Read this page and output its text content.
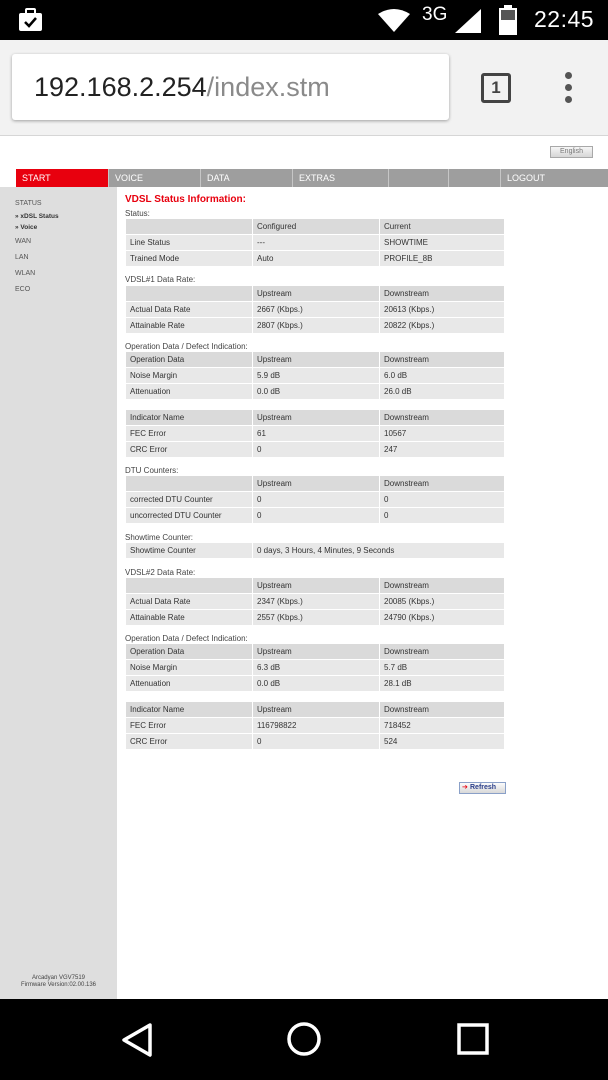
3G	22:45
192.168.2.254/index.stm	1
English
START	VOICE	DATA	EXTRAS	LOGOUT
STATUS
» xDSL Status
» Voice
WAN
LAN
WLAN
ECO
Arcadyan VGV7519
Firmware Version:02.00.136
VDSL Status Information:
Status:
	Configured	Current
Line Status	---	SHOWTIME
Trained Mode	Auto	PROFILE_8B
VDSL#1 Data Rate:
	Upstream	Downstream
Actual Data Rate	2667 (Kbps.)	20613 (Kbps.)
Attainable Rate	2807 (Kbps.)	20822 (Kbps.)
Operation Data / Defect Indication:
Operation Data	Upstream	Downstream
Noise Margin	5.9 dB	6.0 dB
Attenuation	0.0 dB	26.0 dB
Indicator Name	Upstream	Downstream
FEC Error	61	10567
CRC Error	0	247
DTU Counters:
	Upstream	Downstream
corrected DTU Counter	0	0
uncorrected DTU Counter	0	0
Showtime Counter:
Showtime Counter	0 days, 3 Hours, 4 Minutes, 9 Seconds
VDSL#2 Data Rate:
	Upstream	Downstream
Actual Data Rate	2347 (Kbps.)	20085 (Kbps.)
Attainable Rate	2557 (Kbps.)	24790 (Kbps.)
Operation Data / Defect Indication:
Operation Data	Upstream	Downstream
Noise Margin	6.3 dB	5.7 dB
Attenuation	0.0 dB	28.1 dB
Indicator Name	Upstream	Downstream
FEC Error	116798822	718452
CRC Error	0	524
➔ Refresh
